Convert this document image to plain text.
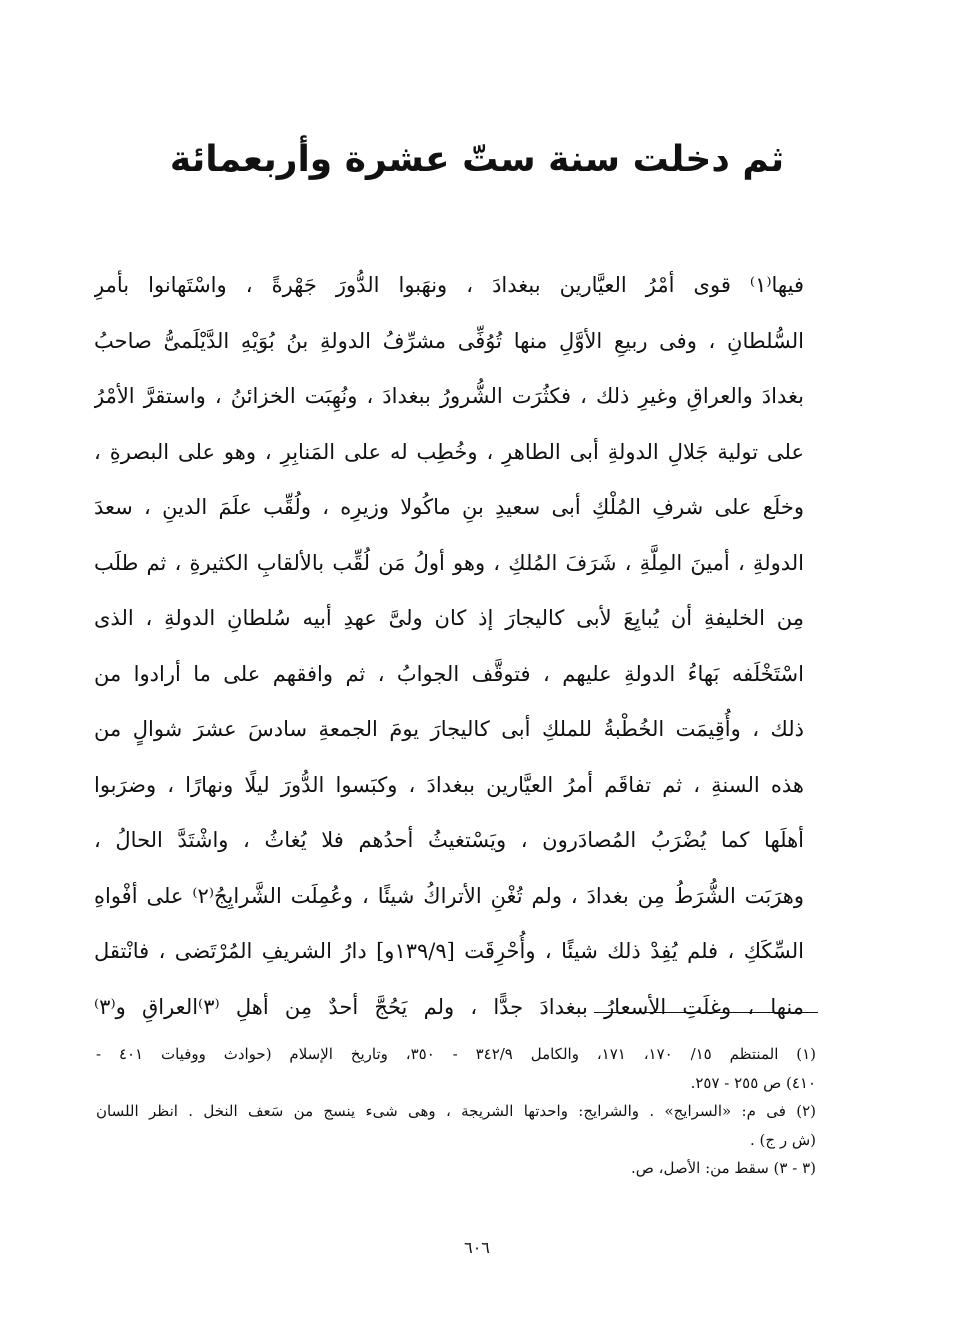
ثم دخلت سنة ستّ عشرة وأربعمائة
فيها⁽١⁾ قوى أمْرُ العيَّارين ببغدادَ ، ونهَبوا الدُّورَ جَهْرةً ، واسْتَهانوا بأمرِ
السُّلطانِ ، وفى ربيعِ الأوَّلِ منها تُوُفِّى مشرِّفُ الدولةِ بنُ بُوَيْهِ الدَّيْلَمىُّ صاحبُ
بغدادَ والعراقِ وغيرِ ذلك ، فكثُرَت الشُّرورُ ببغدادَ ، ونُهِبَت الخزائنُ ، واستقرَّ الأمْرُ
على تولية جَلالِ الدولةِ أبى الطاهرِ ، وخُطِب له على المَنابِرِ ، وهو على البصرةِ ،
وخلَع على شرفِ المُلْكِ أبى سعيدِ بنِ ماكُولا وزيرِه ، ولُقِّب علَمَ الدينِ ، سعدَ
الدولةِ ، أمينَ المِلَّةِ ، شَرَفَ المُلكِ ، وهو أولُ مَن لُقِّب بالألقابِ الكثيرةِ ، ثم طلَب
مِن الخليفةِ أن يُبايِعَ لأبى كاليجارَ إذ كان ولىَّ عهدِ أبيه سُلطانِ الدولةِ ، الذى
اسْتَخْلَفه بَهاءُ الدولةِ عليهم ، فتوقَّف الجوابُ ، ثم وافقهم على ما أرادوا من
ذلك ، وأُقِيمَت الخُطْبةُ للملكِ أبى كاليجارَ يومَ الجمعةِ سادسَ عشرَ شوالٍ من
هذه السنةِ ، ثم تفاقَم أمرُ العيَّارين ببغدادَ ، وكبَسوا الدُّورَ ليلًا ونهارًا ، وضرَبوا
أهلَها كما يُضْرَبُ المُصادَرون ، ويَسْتغيثُ أحدُهم فلا يُغاثُ ، واشْتَدَّ الحالُ ،
وهرَبَت الشُّرَطُ مِن بغدادَ ، ولم تُغْنِ الأتراكُ شيئًا ، وعُمِلَت الشَّرايِجُ⁽٢⁾ على أفْواهِ
السِّكَكِ ، فلم يُفِدْ ذلك شيئًا ، وأُحْرِقَت [١٣٩/٩و] دارُ الشريفِ المُرْتَضى ، فانْتقل
منها ، وغلَتِ الأسعارُ ببغدادَ جدًّا ، ولم يَحُجَّ أحدٌ مِن أهلِ ⁽٣⁾العراقِ و⁽٣⁾
(١) المنتظم ١٥/ ١٧٠، ١٧١، والكامل ٣٤٢/٩ - ٣٥٠، وتاريخ الإسلام (حوادث ووفيات ٤٠١ -
٤١٠) ص ٢٥٥ - ٢٥٧.
(٢) فى م: «السرايج» . والشرايج: واحدتها الشريجة ، وهى شىء ينسج من سَعف النخل . انظر اللسان
(ش ر ج) .
(٣ - ٣) سقط من: الأصل، ص.
٦٠٦
